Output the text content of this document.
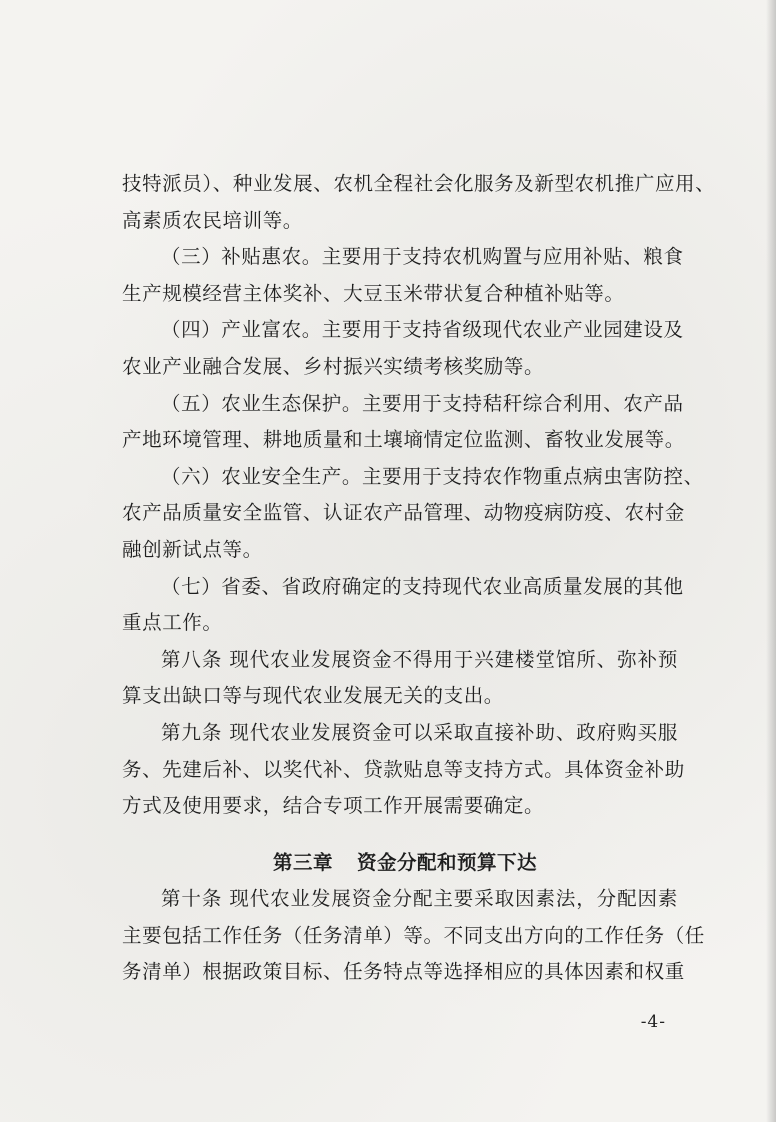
技特派员）、种业发展、农机全程社会化服务及新型农机推广应用、
高素质农民培训等。
（三）补贴惠农。主要用于支持农机购置与应用补贴、粮食
生产规模经营主体奖补、大豆玉米带状复合种植补贴等。
（四）产业富农。主要用于支持省级现代农业产业园建设及
农业产业融合发展、乡村振兴实绩考核奖励等。
（五）农业生态保护。主要用于支持秸秆综合利用、农产品
产地环境管理、耕地质量和土壤墒情定位监测、畜牧业发展等。
（六）农业安全生产。主要用于支持农作物重点病虫害防控、
农产品质量安全监管、认证农产品管理、动物疫病防疫、农村金
融创新试点等。
（七）省委、省政府确定的支持现代农业高质量发展的其他
重点工作。
第八条 现代农业发展资金不得用于兴建楼堂馆所、弥补预
算支出缺口等与现代农业发展无关的支出。
第九条 现代农业发展资金可以采取直接补助、政府购买服
务、先建后补、以奖代补、贷款贴息等支持方式。具体资金补助
方式及使用要求，结合专项工作开展需要确定。
第三章 资金分配和预算下达
第十条 现代农业发展资金分配主要采取因素法，分配因素
主要包括工作任务（任务清单）等。不同支出方向的工作任务（任
务清单）根据政策目标、任务特点等选择相应的具体因素和权重
-4-
